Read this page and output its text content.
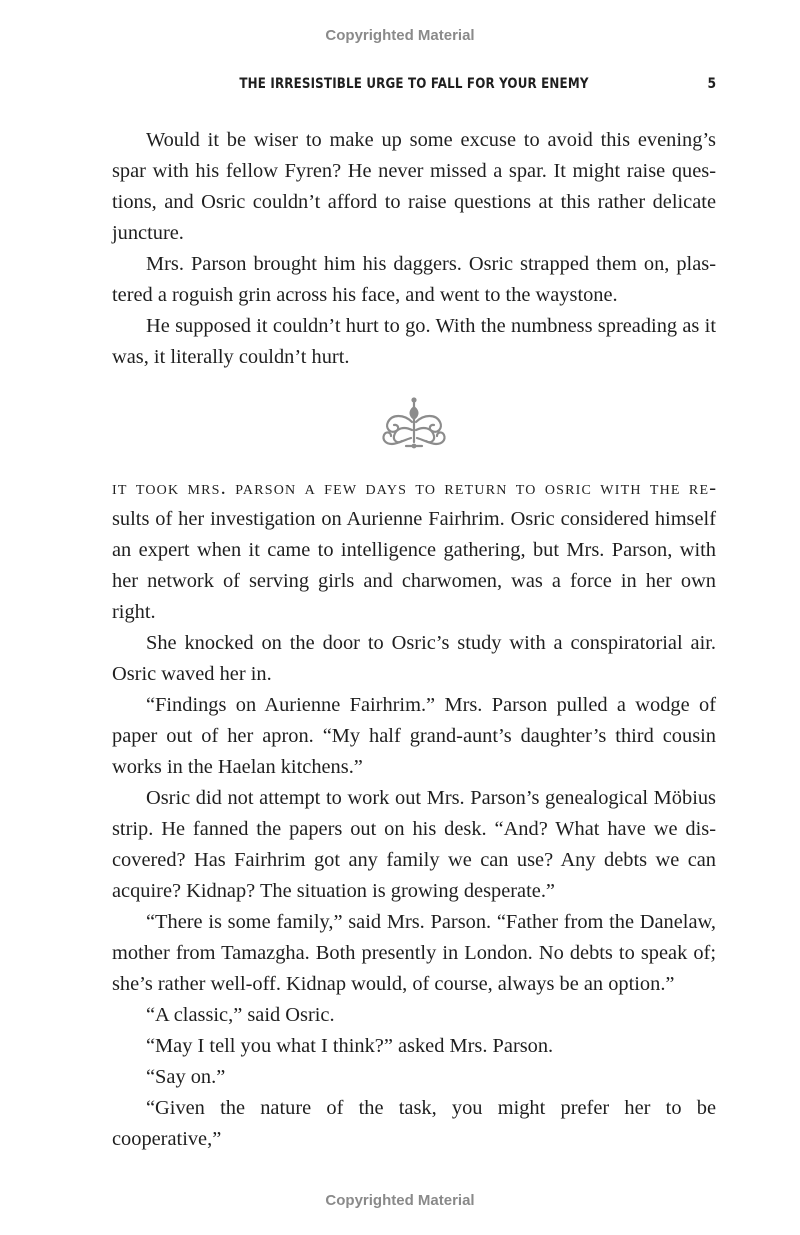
Copyrighted Material

THE IRRESISTIBLE URGE TO FALL FOR YOUR ENEMY	5

Would it be wiser to make up some excuse to avoid this evening’s spar with his fellow Fyren? He never missed a spar. It might raise questions, and Osric couldn’t afford to raise questions at this rather delicate juncture.

Mrs. Parson brought him his daggers. Osric strapped them on, plastered a roguish grin across his face, and went to the waystone.

He supposed it couldn’t hurt to go. With the numbness spreading as it was, it literally couldn’t hurt.

it took mrs. parson a few days to return to osric with the results of her investigation on Aurienne Fairhrim. Osric considered himself an expert when it came to intelligence gathering, but Mrs. Parson, with her network of serving girls and charwomen, was a force in her own right.

She knocked on the door to Osric’s study with a conspiratorial air. Osric waved her in.

“Findings on Aurienne Fairhrim.” Mrs. Parson pulled a wodge of paper out of her apron. “My half grand-aunt’s daughter’s third cousin works in the Haelan kitchens.”

Osric did not attempt to work out Mrs. Parson’s genealogical Möbius strip. He fanned the papers out on his desk. “And? What have we discovered? Has Fairhrim got any family we can use? Any debts we can acquire? Kidnap? The situation is growing desperate.”

“There is some family,” said Mrs. Parson. “Father from the Danelaw, mother from Tamazgha. Both presently in London. No debts to speak of; she’s rather well-off. Kidnap would, of course, always be an option.”

“A classic,” said Osric.

“May I tell you what I think?” asked Mrs. Parson.

“Say on.”

“Given the nature of the task, you might prefer her to be cooperative,”

Copyrighted Material
